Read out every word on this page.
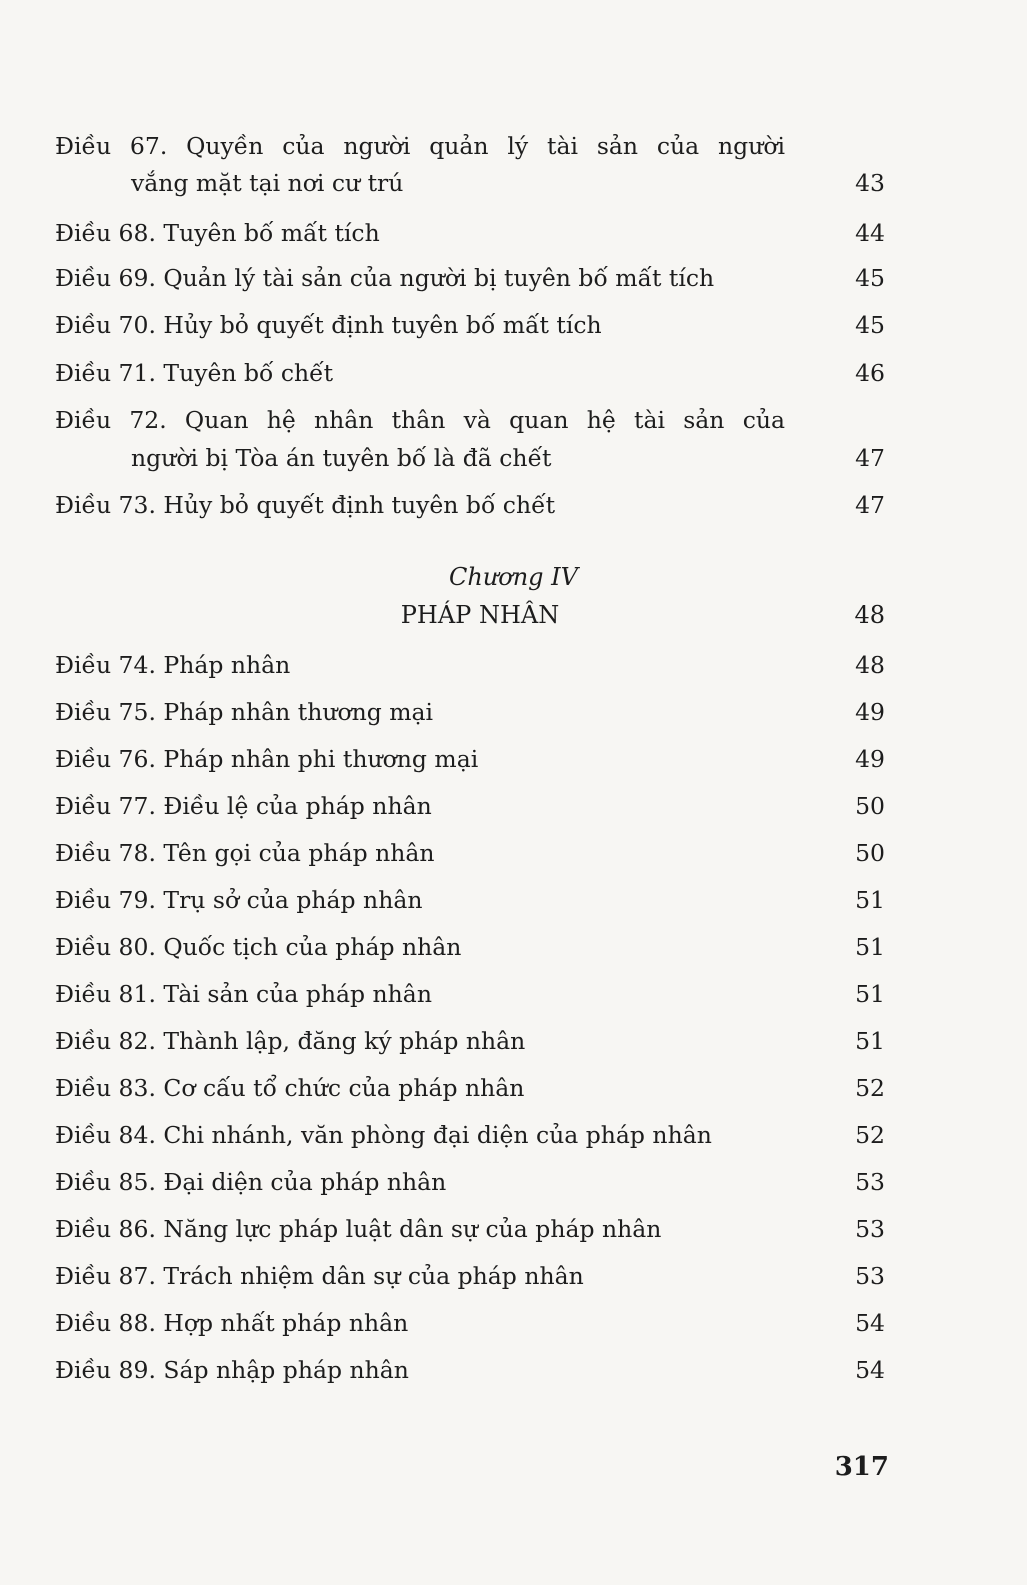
Điều 67. Quyền của người quản lý tài sản của người
vắng mặt tại nơi cư trú	43
Điều 68. Tuyên bố mất tích	44
Điều 69. Quản lý tài sản của người bị tuyên bố mất tích	45
Điều 70. Hủy bỏ quyết định tuyên bố mất tích	45
Điều 71. Tuyên bố chết	46
Điều 72. Quan hệ nhân thân và quan hệ tài sản của
người bị Tòa án tuyên bố là đã chết	47
Điều 73. Hủy bỏ quyết định tuyên bố chết	47
Chương IV
PHÁP NHÂN	48
Điều 74. Pháp nhân	48
Điều 75. Pháp nhân thương mại	49
Điều 76. Pháp nhân phi thương mại	49
Điều 77. Điều lệ của pháp nhân	50
Điều 78. Tên gọi của pháp nhân	50
Điều 79. Trụ sở của pháp nhân	51
Điều 80. Quốc tịch của pháp nhân	51
Điều 81. Tài sản của pháp nhân	51
Điều 82. Thành lập, đăng ký pháp nhân	51
Điều 83. Cơ cấu tổ chức của pháp nhân	52
Điều 84. Chi nhánh, văn phòng đại diện của pháp nhân	52
Điều 85. Đại diện của pháp nhân	53
Điều 86. Năng lực pháp luật dân sự của pháp nhân	53
Điều 87. Trách nhiệm dân sự của pháp nhân	53
Điều 88. Hợp nhất pháp nhân	54
Điều 89. Sáp nhập pháp nhân	54
317
